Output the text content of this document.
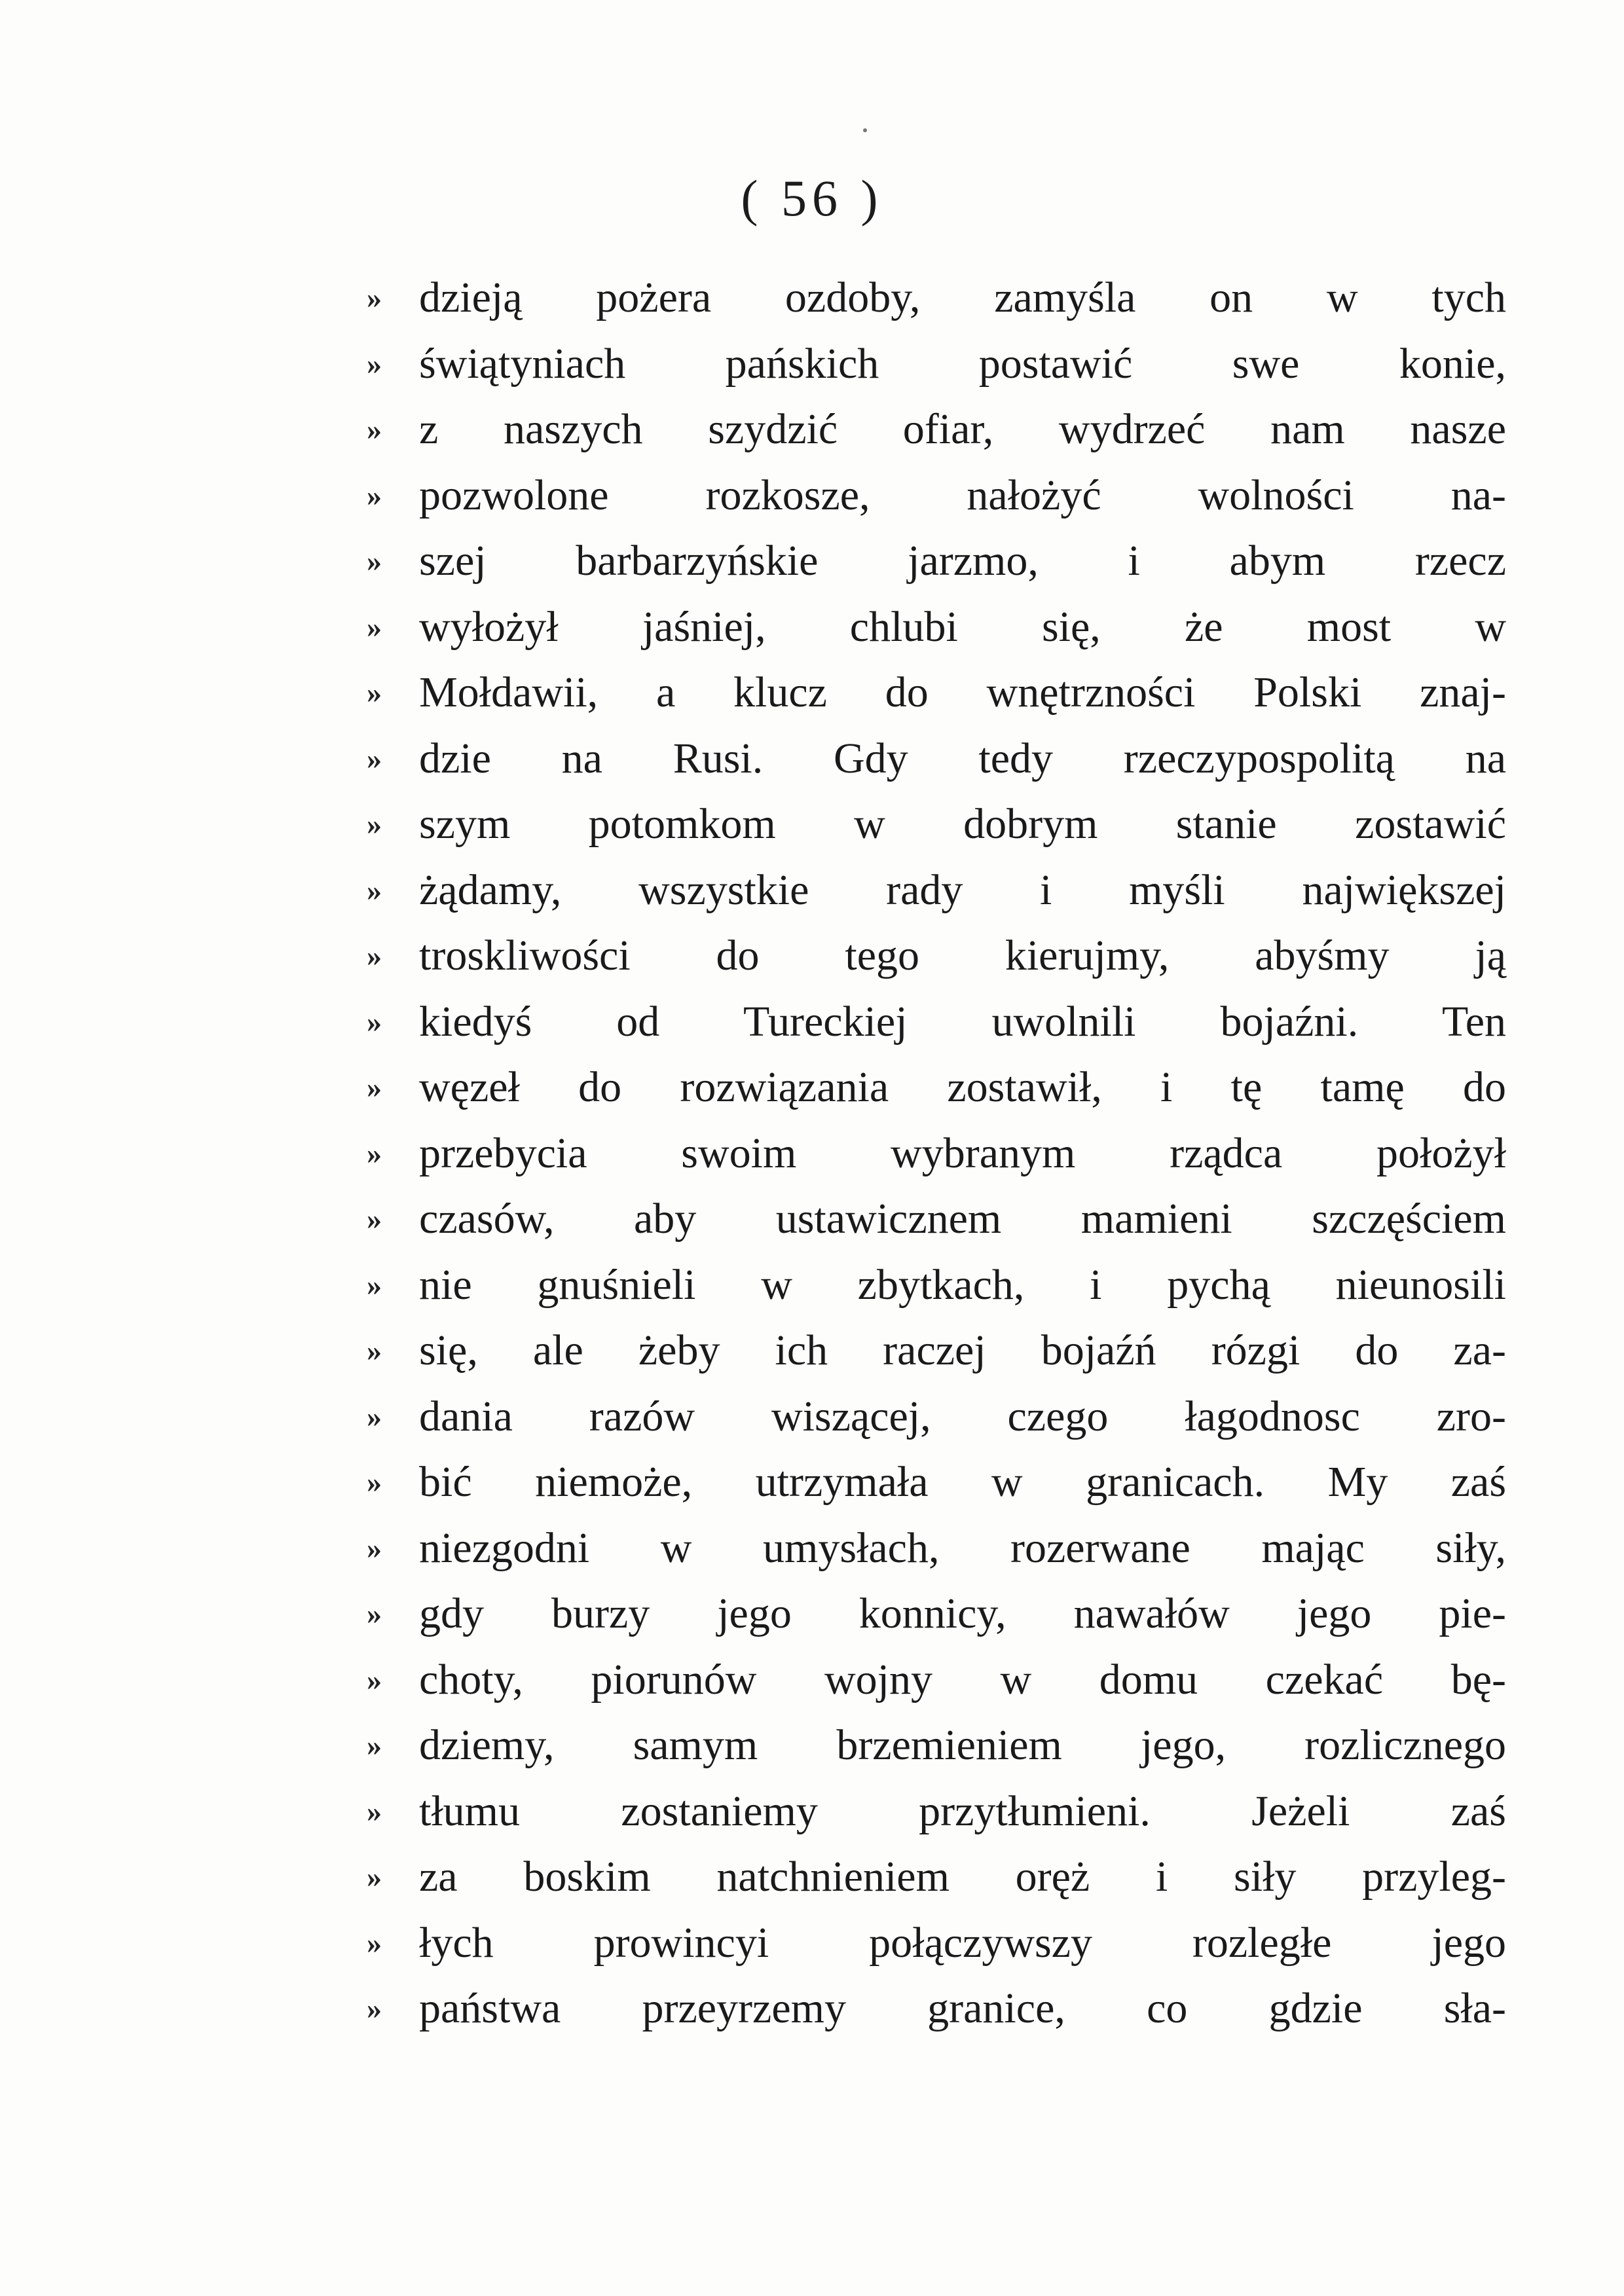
( 56 )
» dzieją pożera ozdoby, zamyśla on w tych
» świątyniach pańskich postawić swe konie,
» z naszych szydzić ofiar, wydrzeć nam nasze
» pozwolone rozkosze, nałożyć wolności na-
» szej barbarzyńskie jarzmo, i abym rzecz
» wyłożył jaśniej, chlubi się, że most w
» Mołdawii, a klucz do wnętrzności Polski znaj-
» dzie na Rusi. Gdy tedy rzeczypospolitą na
» szym potomkom w dobrym stanie zostawić
» żądamy, wszystkie rady i myśli największej
» troskliwości do tego kierujmy, abyśmy ją
» kiedyś od Tureckiej uwolnili bojaźni. Ten
» węzeł do rozwiązania zostawił, i tę tamę do
» przebycia swoim wybranym rządca położył
» czasów, aby ustawicznem mamieni szczęściem
» nie gnuśnieli w zbytkach, i pychą nieunosili
» się, ale żeby ich raczej bojaźń rózgi do za-
» dania razów wiszącej, czego łagodnosc zro-
» bić niemoże, utrzymała w granicach. My zaś
» niezgodni w umysłach, rozerwane mając siły,
» gdy burzy jego konnicy, nawałów jego pie-
» choty, piorunów wojny w domu czekać bę-
» dziemy, samym brzemieniem jego, rozlicznego
» tłumu zostaniemy przytłumieni. Jeżeli zaś
» za boskim natchnieniem oręż i siły przyleg-
» łych prowincyi połączywszy rozległe jego
» państwa przeyrzemy granice, co gdzie sła-
